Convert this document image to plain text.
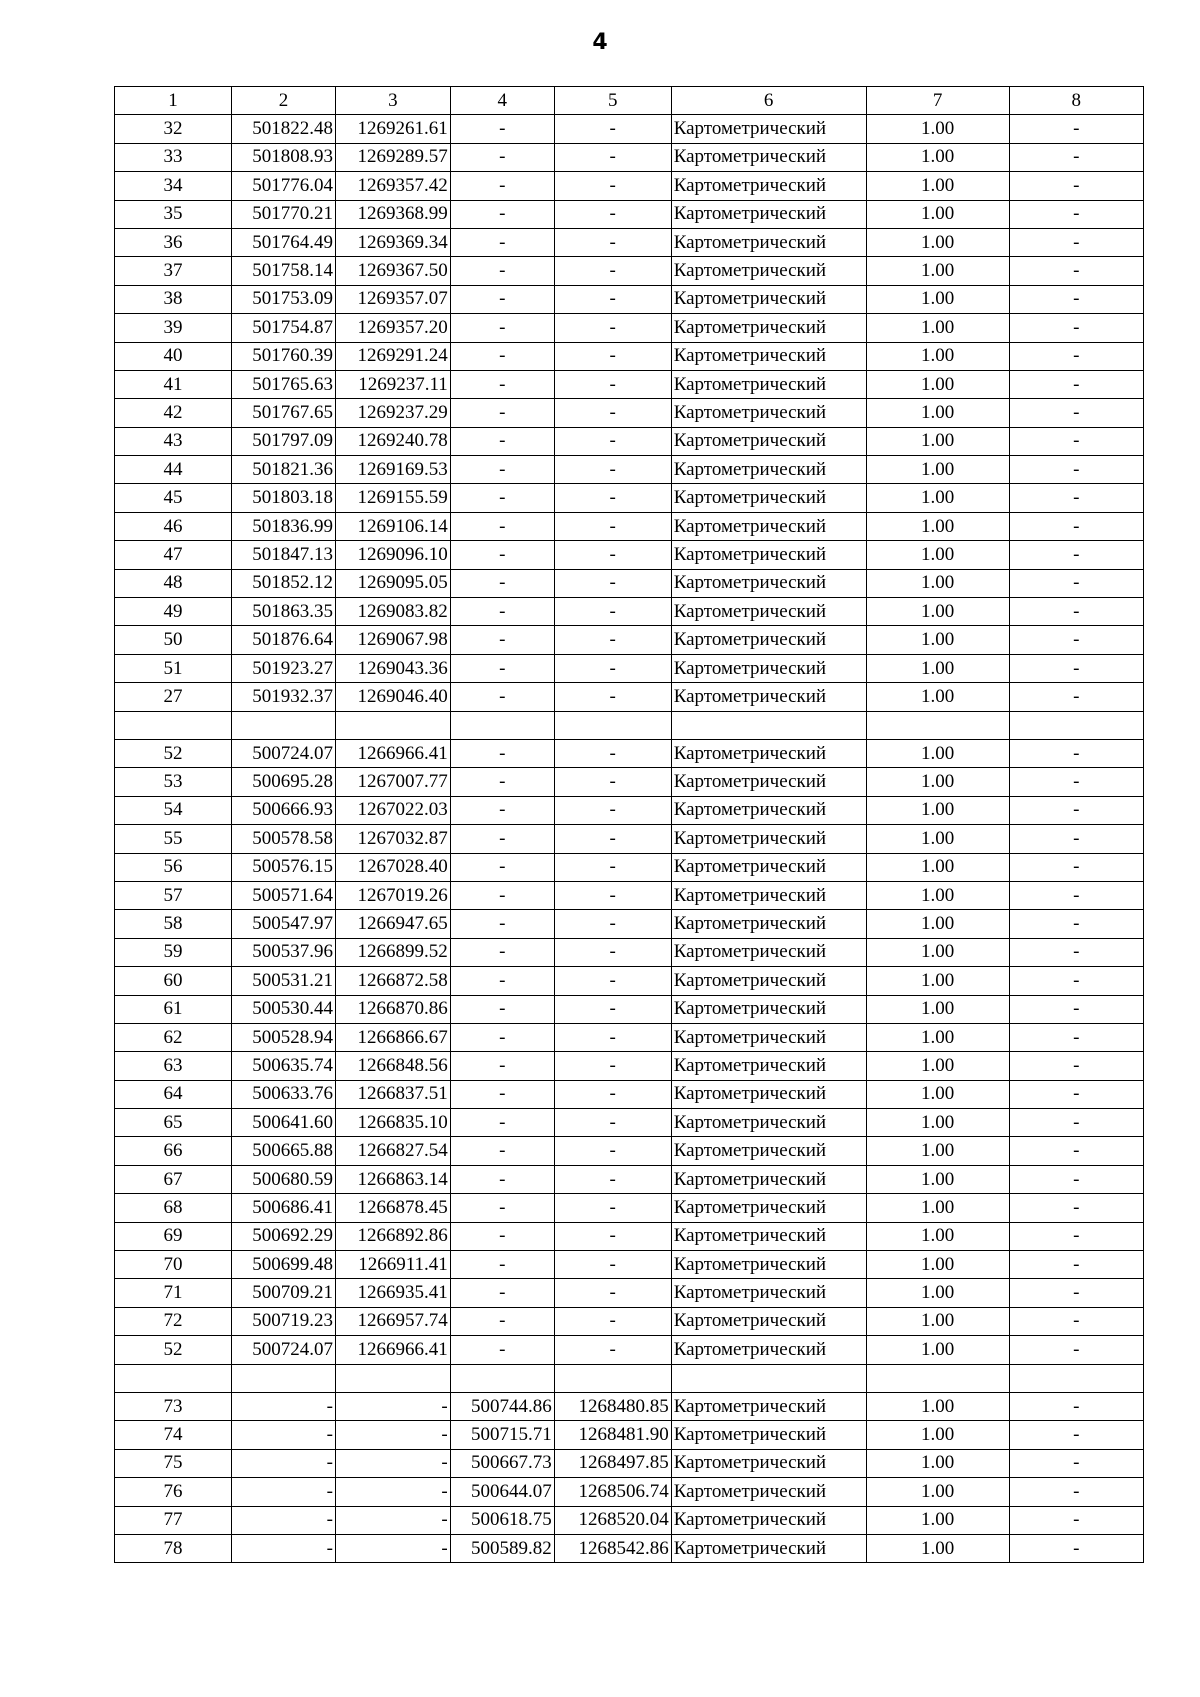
4
1	2	3	4	5	6	7	8
32	501822.48	1269261.61	-	-	Картометрический	1.00	-
33	501808.93	1269289.57	-	-	Картометрический	1.00	-
34	501776.04	1269357.42	-	-	Картометрический	1.00	-
35	501770.21	1269368.99	-	-	Картометрический	1.00	-
36	501764.49	1269369.34	-	-	Картометрический	1.00	-
37	501758.14	1269367.50	-	-	Картометрический	1.00	-
38	501753.09	1269357.07	-	-	Картометрический	1.00	-
39	501754.87	1269357.20	-	-	Картометрический	1.00	-
40	501760.39	1269291.24	-	-	Картометрический	1.00	-
41	501765.63	1269237.11	-	-	Картометрический	1.00	-
42	501767.65	1269237.29	-	-	Картометрический	1.00	-
43	501797.09	1269240.78	-	-	Картометрический	1.00	-
44	501821.36	1269169.53	-	-	Картометрический	1.00	-
45	501803.18	1269155.59	-	-	Картометрический	1.00	-
46	501836.99	1269106.14	-	-	Картометрический	1.00	-
47	501847.13	1269096.10	-	-	Картометрический	1.00	-
48	501852.12	1269095.05	-	-	Картометрический	1.00	-
49	501863.35	1269083.82	-	-	Картометрический	1.00	-
50	501876.64	1269067.98	-	-	Картометрический	1.00	-
51	501923.27	1269043.36	-	-	Картометрический	1.00	-
27	501932.37	1269046.40	-	-	Картометрический	1.00	-

52	500724.07	1266966.41	-	-	Картометрический	1.00	-
53	500695.28	1267007.77	-	-	Картометрический	1.00	-
54	500666.93	1267022.03	-	-	Картометрический	1.00	-
55	500578.58	1267032.87	-	-	Картометрический	1.00	-
56	500576.15	1267028.40	-	-	Картометрический	1.00	-
57	500571.64	1267019.26	-	-	Картометрический	1.00	-
58	500547.97	1266947.65	-	-	Картометрический	1.00	-
59	500537.96	1266899.52	-	-	Картометрический	1.00	-
60	500531.21	1266872.58	-	-	Картометрический	1.00	-
61	500530.44	1266870.86	-	-	Картометрический	1.00	-
62	500528.94	1266866.67	-	-	Картометрический	1.00	-
63	500635.74	1266848.56	-	-	Картометрический	1.00	-
64	500633.76	1266837.51	-	-	Картометрический	1.00	-
65	500641.60	1266835.10	-	-	Картометрический	1.00	-
66	500665.88	1266827.54	-	-	Картометрический	1.00	-
67	500680.59	1266863.14	-	-	Картометрический	1.00	-
68	500686.41	1266878.45	-	-	Картометрический	1.00	-
69	500692.29	1266892.86	-	-	Картометрический	1.00	-
70	500699.48	1266911.41	-	-	Картометрический	1.00	-
71	500709.21	1266935.41	-	-	Картометрический	1.00	-
72	500719.23	1266957.74	-	-	Картометрический	1.00	-
52	500724.07	1266966.41	-	-	Картометрический	1.00	-

73	-	-	500744.86	1268480.85	Картометрический	1.00	-
74	-	-	500715.71	1268481.90	Картометрический	1.00	-
75	-	-	500667.73	1268497.85	Картометрический	1.00	-
76	-	-	500644.07	1268506.74	Картометрический	1.00	-
77	-	-	500618.75	1268520.04	Картометрический	1.00	-
78	-	-	500589.82	1268542.86	Картометрический	1.00	-
